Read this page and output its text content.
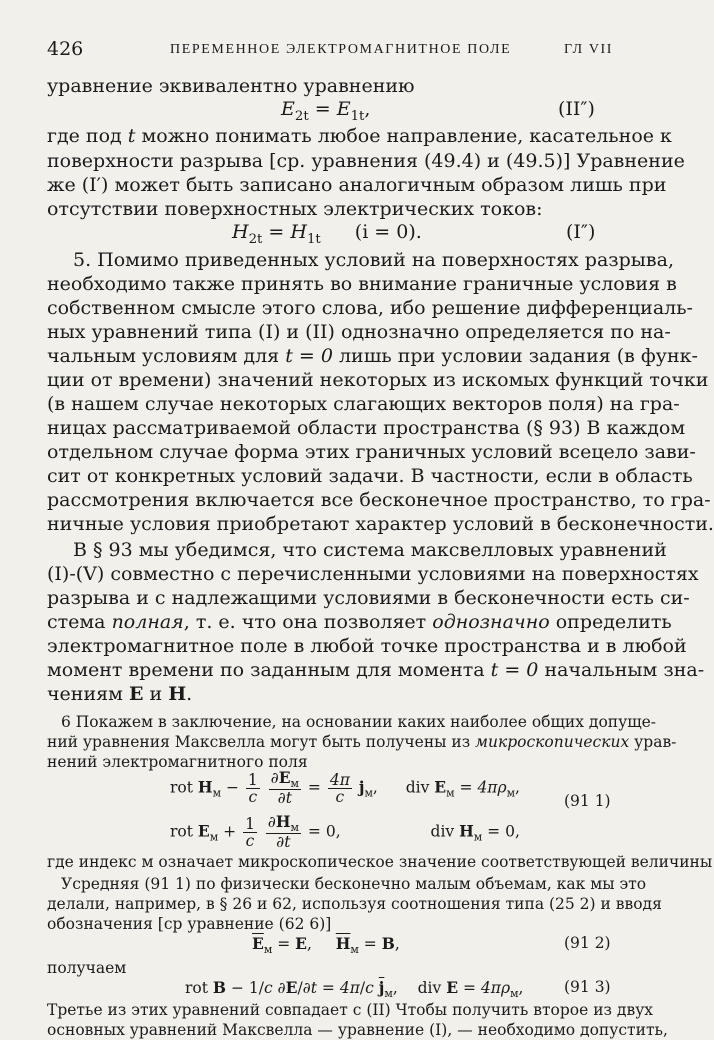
426	ПЕРЕМЕННОЕ ЭЛЕКТРОМАГНИТНОЕ ПОЛЕ	ГЛ VII
уравнение эквивалентно уравнению
$E_{2t} = E_{1t}$,	(II″)
где под t можно понимать любое направление, касательное к
поверхности разрыва [ср. уравнения (49.4) и (49.5)] Уравнение
же (I′) может быть записано аналогичным образом лишь при
отсутствии поверхностных электрических токов:
$H_{2t} = H_{1t}$ (i = 0).	(I″)
5. Помимо приведенных условий на поверхностях разрыва,
необходимо также принять во внимание граничные условия в
собственном смысле этого слова, ибо решение дифференциаль-
ных уравнений типа (I) и (II) однозначно определяется по на-
чальным условиям для t = 0 лишь при условии задания (в функ-
ции от времени) значений некоторых из искомых функций точки
(в нашем случае некоторых слагающих векторов поля) на гра-
ницах рассматриваемой области пространства (§ 93) В каждом
отдельном случае форма этих граничных условий всецело зави-
сит от конкретных условий задачи. В частности, если в область
рассмотрения включается все бесконечное пространство, то гра-
ничные условия приобретают характер условий в бесконечности.
В § 93 мы убедимся, что система максвелловых уравнений
(I)-(V) совместно с перечисленными условиями на поверхностях
разрыва и с надлежащими условиями в бесконечности есть си-
стема полная, т. е. что она позволяет однозначно определить
электромагнитное поле в любой точке пространства и в любой
момент времени по заданным для момента t = 0 начальным зна-
чениям E и H.
6 Покажем в заключение, на основании каких наиболее общих допуще-
ний уравнения Максвелла могут быть получены из микроскопических урав-
нений электромагнитного поля
rot $H_м - \frac{1}{c}$
$\frac{\partial E_м}{\partial t} = \frac{4\pi}{c} j_м$, div $E_м = 4\pi\rho_м$,
(91 1)
rot $E_м + \frac{1}{c}$
$\frac{\partial H_м}{\partial t} = 0$,	div $H_м = 0$,
где индекс м означает микроскопическое значение соответствующей величины
Усредняя (91 1) по физически бесконечно малым объемам, как мы это
делали, например, в § 26 и 62, используя соотношения типа (25 2) и вводя
обозначения [ср уравнение (62 6)]
$\overline{E}_м = E$,  $\overline{H}_м = B$,	(91 2)
получаем
rot B − 1/c ∂E/∂t = 4π/c $\overline{j}_м$, div $E = 4\pi\rho_м$,	(91 3)
Третье из этих уравнений совпадает с (II) Чтобы получить второе из двух
основных уравнений Максвелла — уравнение (I), — необходимо допустить,
